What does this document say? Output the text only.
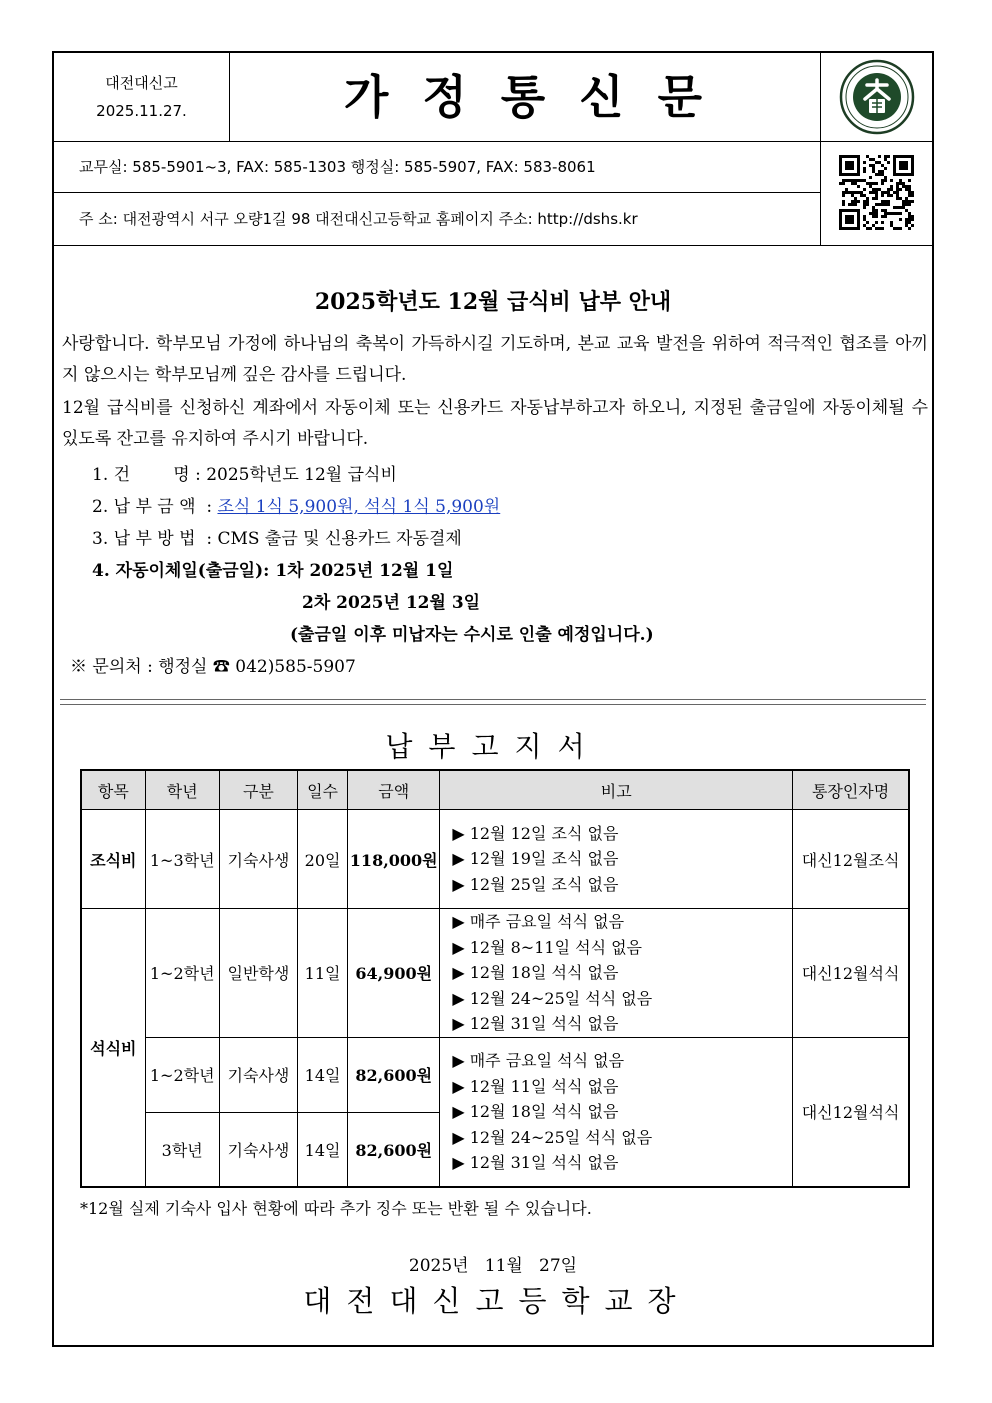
대전대신고
2025.11.27.	가정통신문
교무실: 585-5901~3, FAX: 585-1303 행정실: 585-5907, FAX: 583-8061
주 소: 대전광역시 서구 오량1길 98 대전대신고등학교 홈페이지 주소: http://dshs.kr
2025학년도 12월 급식비 납부 안내
사랑합니다. 학부모님 가정에 하나님의 축복이 가득하시길 기도하며, 본교 교육 발전을 위하여 적극적인 협조를 아끼지 않으시는 학부모님께 깊은 감사를 드립니다.
12월 급식비를 신청하신 계좌에서 자동이체 또는 신용카드 자동납부하고자 하오니, 지정된 출금일에 자동이체될 수 있도록 잔고를 유지하여 주시기 바랍니다.
1. 건        명 : 2025학년도 12월 급식비
2. 납 부 금 액  : 조식 1식 5,900원, 석식 1식 5,900원
3. 납 부 방 법  : CMS 출금 및 신용카드 자동결제
4. 자동이체일(출금일): 1차 2025년 12월 1일
2차 2025년 12월 3일
(출금일 이후 미납자는 수시로 인출 예정입니다.)
※ 문의처 : 행정실 ☎ 042)585-5907
납부고지서
항목	학년	구분	일수	금액	비고	통장인자명
조식비	1~3학년	기숙사생	20일	118,000원	▶ 12월 12일 조식 없음
▶ 12월 19일 조식 없음
▶ 12월 25일 조식 없음	대신12월조식
석식비	1~2학년	일반학생	11일	64,900원	▶ 매주 금요일 석식 없음
▶ 12월 8~11일 석식 없음
▶ 12월 18일 석식 없음
▶ 12월 24~25일 석식 없음
▶ 12월 31일 석식 없음	대신12월석식
	1~2학년	기숙사생	14일	82,600원	▶ 매주 금요일 석식 없음
▶ 12월 11일 석식 없음
▶ 12월 18일 석식 없음
▶ 12월 24~25일 석식 없음
▶ 12월 31일 석식 없음	대신12월석식
	3학년	기숙사생	14일	82,600원		
*12월 실제 기숙사 입사 현황에 따라 추가 징수 또는 반환 될 수 있습니다.
2025년   11월   27일
대전대신고등학교장
